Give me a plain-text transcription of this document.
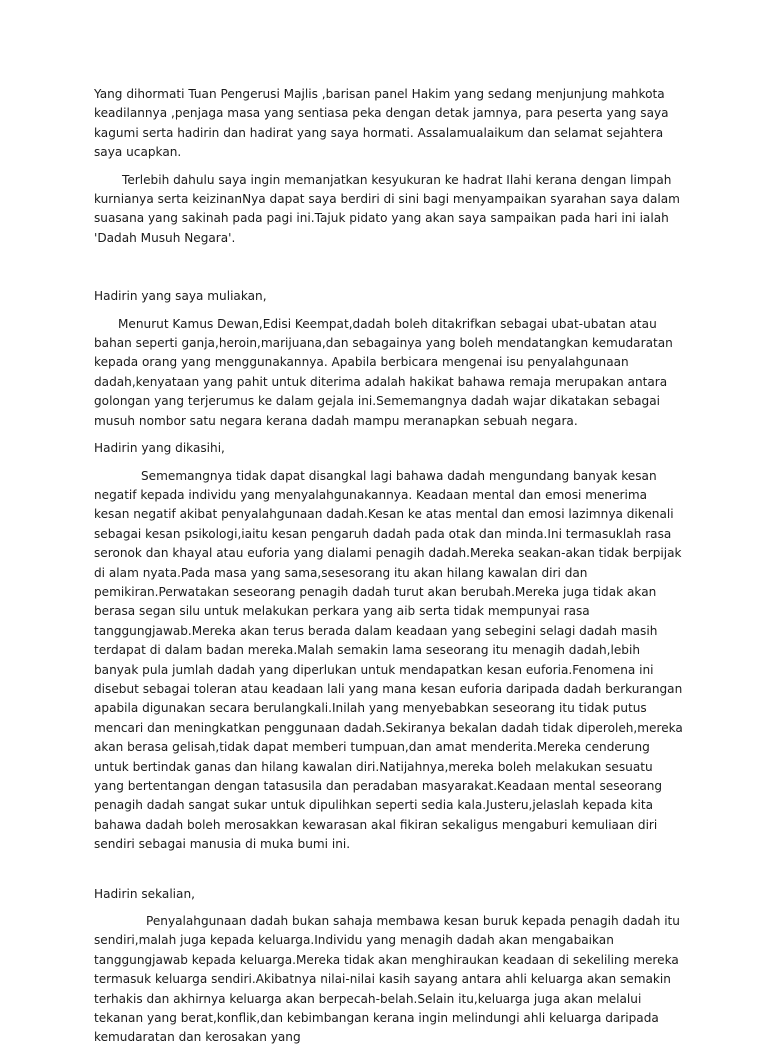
Yang dihormati Tuan Pengerusi Majlis ,barisan panel Hakim yang sedang menjunjung mahkota keadilannya ,penjaga masa yang sentiasa peka dengan detak jamnya, para peserta yang saya kagumi serta hadirin dan hadirat yang saya hormati. Assalamualaikum dan selamat sejahtera saya ucapkan.

Terlebih dahulu saya ingin memanjatkan kesyukuran ke hadrat Ilahi kerana dengan limpah kurnianya serta keizinanNya dapat saya berdiri di sini bagi menyampaikan syarahan saya dalam suasana yang sakinah pada pagi ini.Tajuk pidato yang akan saya sampaikan pada hari ini ialah 'Dadah Musuh Negara'.

Hadirin yang saya muliakan,

Menurut Kamus Dewan,Edisi Keempat,dadah boleh ditakrifkan sebagai ubat-ubatan atau bahan seperti ganja,heroin,marijuana,dan sebagainya yang boleh mendatangkan kemudaratan kepada orang yang menggunakannya. Apabila berbicara mengenai isu penyalahgunaan dadah,kenyataan yang pahit untuk diterima adalah hakikat bahawa remaja merupakan antara golongan yang terjerumus ke dalam gejala ini.Sememangnya dadah wajar dikatakan sebagai musuh nombor satu negara kerana dadah mampu meranapkan sebuah negara.

Hadirin yang dikasihi,

Sememangnya tidak dapat disangkal lagi bahawa dadah mengundang banyak kesan negatif kepada individu yang menyalahgunakannya. Keadaan mental dan emosi menerima kesan negatif akibat penyalahgunaan dadah.Kesan ke atas mental dan emosi lazimnya dikenali sebagai kesan psikologi,iaitu kesan pengaruh dadah pada otak dan minda.Ini termasuklah rasa seronok dan khayal atau euforia yang dialami penagih dadah.Mereka seakan-akan tidak berpijak di alam nyata.Pada masa yang sama,sesesorang itu akan hilang kawalan diri dan pemikiran.Perwatakan seseorang penagih dadah turut akan berubah.Mereka juga tidak akan berasa segan silu untuk melakukan perkara yang aib serta tidak mempunyai rasa tanggungjawab.Mereka akan terus berada dalam keadaan yang sebegini selagi dadah masih terdapat di dalam badan mereka.Malah semakin lama seseorang itu menagih dadah,lebih banyak pula jumlah dadah yang diperlukan untuk mendapatkan kesan euforia.Fenomena ini disebut sebagai toleran atau keadaan lali yang mana kesan euforia daripada dadah berkurangan apabila digunakan secara berulangkali.Inilah yang menyebabkan seseorang itu tidak putus mencari dan meningkatkan penggunaan dadah.Sekiranya bekalan dadah tidak diperoleh,mereka akan berasa gelisah,tidak dapat memberi tumpuan,dan amat menderita.Mereka cenderung untuk bertindak ganas dan hilang kawalan diri.Natijahnya,mereka boleh melakukan sesuatu yang bertentangan dengan tatasusila dan peradaban masyarakat.Keadaan mental seseorang penagih dadah sangat sukar untuk dipulihkan seperti sedia kala.Justeru,jelaslah kepada kita bahawa dadah boleh merosakkan kewarasan akal fikiran sekaligus mengaburi kemuliaan diri sendiri sebagai manusia di muka bumi ini.

Hadirin sekalian,

Penyalahgunaan dadah bukan sahaja membawa kesan buruk kepada penagih dadah itu sendiri,malah juga kepada keluarga.Individu yang menagih dadah akan mengabaikan tanggungjawab kepada keluarga.Mereka tidak akan menghiraukan keadaan di sekeliling mereka termasuk keluarga sendiri.Akibatnya nilai-nilai kasih sayang antara ahli keluarga akan semakin terhakis dan akhirnya keluarga akan berpecah-belah.Selain itu,keluarga juga akan melalui tekanan yang berat,konflik,dan kebimbangan kerana ingin melindungi ahli keluarga daripada kemudaratan dan kerosakan yang
